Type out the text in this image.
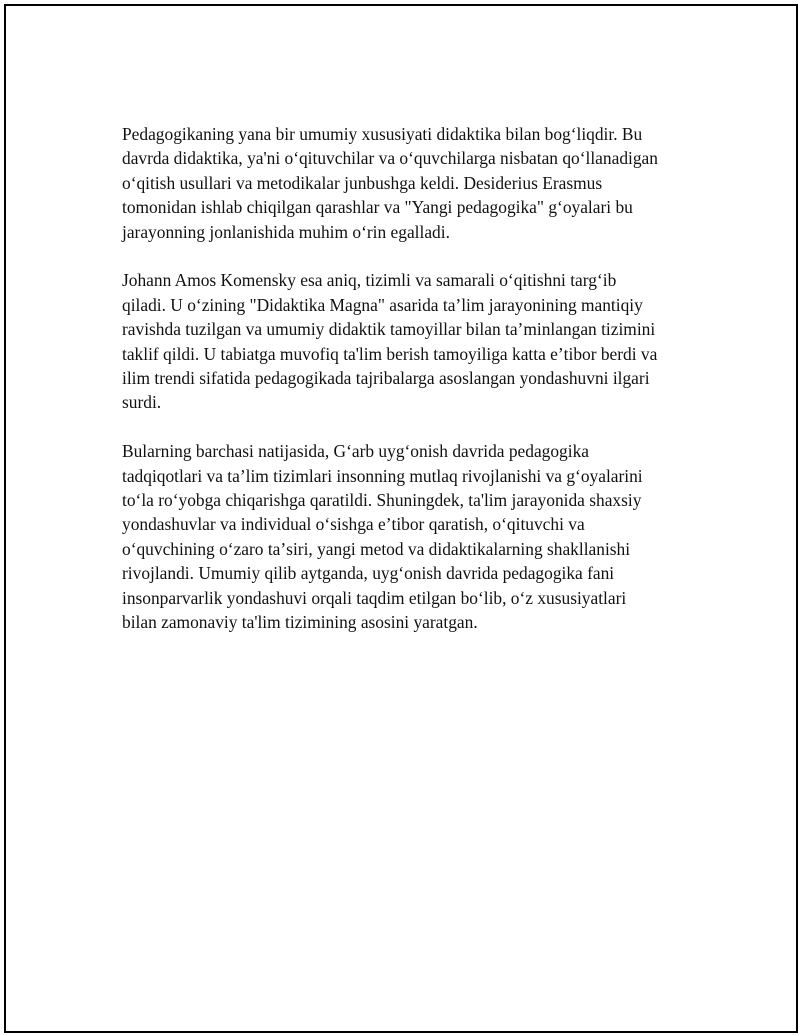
Pedagogikaning yana bir umumiy xususiyati didaktika bilan bogʻliqdir. Bu
davrda didaktika, ya'ni oʻqituvchilar va oʻquvchilarga nisbatan qoʻllanadigan
oʻqitish usullari va metodikalar junbushga keldi. Desiderius Erasmus
tomonidan ishlab chiqilgan qarashlar va "Yangi pedagogika" gʻoyalari bu
jarayonning jonlanishida muhim oʻrin egalladi.

Johann Amos Komensky esa aniq, tizimli va samarali oʻqitishni targʻib
qiladi. U oʻzining "Didaktika Magna" asarida taʼlim jarayonining mantiqiy
ravishda tuzilgan va umumiy didaktik tamoyillar bilan taʼminlangan tizimini
taklif qildi. U tabiatga muvofiq ta'lim berish tamoyiliga katta eʼtibor berdi va
ilim trendi sifatida pedagogikada tajribalarga asoslangan yondashuvni ilgari
surdi.

Bularning barchasi natijasida, Gʻarb uygʻonish davrida pedagogika
tadqiqotlari va taʼlim tizimlari insonning mutlaq rivojlanishi va gʻoyalarini
toʻla roʻyobga chiqarishga qaratildi. Shuningdek, ta'lim jarayonida shaxsiy
yondashuvlar va individual oʻsishga eʼtibor qaratish, oʻqituvchi va
oʻquvchining oʻzaro taʼsiri, yangi metod va didaktikalarning shakllanishi
rivojlandi. Umumiy qilib aytganda, uygʻonish davrida pedagogika fani
insonparvarlik yondashuvi orqali taqdim etilgan boʻlib, oʻz xususiyatlari
bilan zamonaviy ta'lim tizimining asosini yaratgan.
